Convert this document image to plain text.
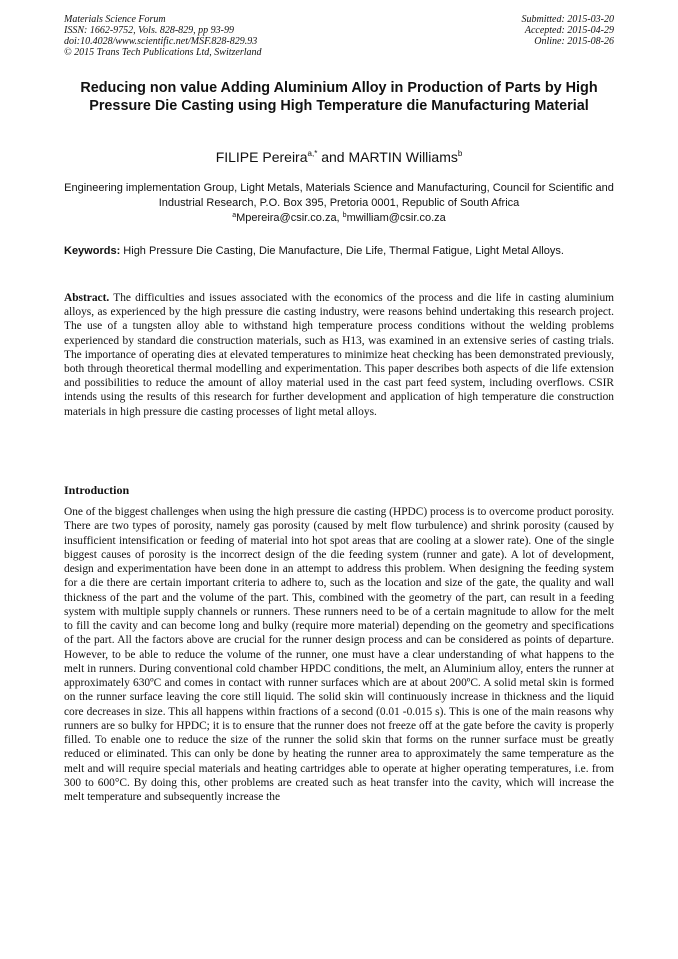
Materials Science Forum
ISSN: 1662-9752, Vols. 828-829, pp 93-99
doi:10.4028/www.scientific.net/MSF.828-829.93
© 2015 Trans Tech Publications Ltd, Switzerland
Submitted: 2015-03-20
Accepted: 2015-04-29
Online: 2015-08-26
Reducing non value Adding Aluminium Alloy in Production of Parts by High Pressure Die Casting using High Temperature die Manufacturing Material
FILIPE Pereira$^{a,*}$ and MARTIN Williams$^b$
Engineering implementation Group, Light Metals, Materials Science and Manufacturing, Council for Scientific and Industrial Research, P.O. Box 395, Pretoria 0001, Republic of South Africa
$^a$Mpereira@csir.co.za, $^b$mwilliam@csir.co.za
Keywords: High Pressure Die Casting, Die Manufacture, Die Life, Thermal Fatigue, Light Metal Alloys.
Abstract. The difficulties and issues associated with the economics of the process and die life in casting aluminium alloys, as experienced by the high pressure die casting industry, were reasons behind undertaking this research project. The use of a tungsten alloy able to withstand high temperature process conditions without the welding problems experienced by standard die construction materials, such as H13, was examined in an extensive series of casting trials. The importance of operating dies at elevated temperatures to minimize heat checking has been demonstrated previously, both through theoretical thermal modelling and experimentation. This paper describes both aspects of die life extension and possibilities to reduce the amount of alloy material used in the cast part feed system, including overflows. CSIR intends using the results of this research for further development and application of high temperature die construction materials in high pressure die casting processes of light metal alloys.
Introduction
One of the biggest challenges when using the high pressure die casting (HPDC) process is to overcome product porosity. There are two types of porosity, namely gas porosity (caused by melt flow turbulence) and shrink porosity (caused by insufficient intensification or feeding of material into hot spot areas that are cooling at a slower rate). One of the single biggest causes of porosity is the incorrect design of the die feeding system (runner and gate). A lot of development, design and experimentation have been done in an attempt to address this problem. When designing the feeding system for a die there are certain important criteria to adhere to, such as the location and size of the gate, the quality and wall thickness of the part and the volume of the part. This, combined with the geometry of the part, can result in a feeding system with multiple supply channels or runners. These runners need to be of a certain magnitude to allow for the melt to fill the cavity and can become long and bulky (require more material) depending on the geometry and specifications of the part. All the factors above are crucial for the runner design process and can be considered as points of departure. However, to be able to reduce the volume of the runner, one must have a clear understanding of what happens to the melt in runners. During conventional cold chamber HPDC conditions, the melt, an Aluminium alloy, enters the runner at approximately 630ºC and comes in contact with runner surfaces which are at about 200ºC. A solid metal skin is formed on the runner surface leaving the core still liquid. The solid skin will continuously increase in thickness and the liquid core decreases in size. This all happens within fractions of a second (0.01 -0.015 s). This is one of the main reasons why runners are so bulky for HPDC; it is to ensure that the runner does not freeze off at the gate before the cavity is properly filled. To enable one to reduce the size of the runner the solid skin that forms on the runner surface must be greatly reduced or eliminated. This can only be done by heating the runner area to approximately the same temperature as the melt and will require special materials and heating cartridges able to operate at higher operating temperatures, i.e. from 300 to 600°C. By doing this, other problems are created such as heat transfer into the cavity, which will increase the melt temperature and subsequently increase the
